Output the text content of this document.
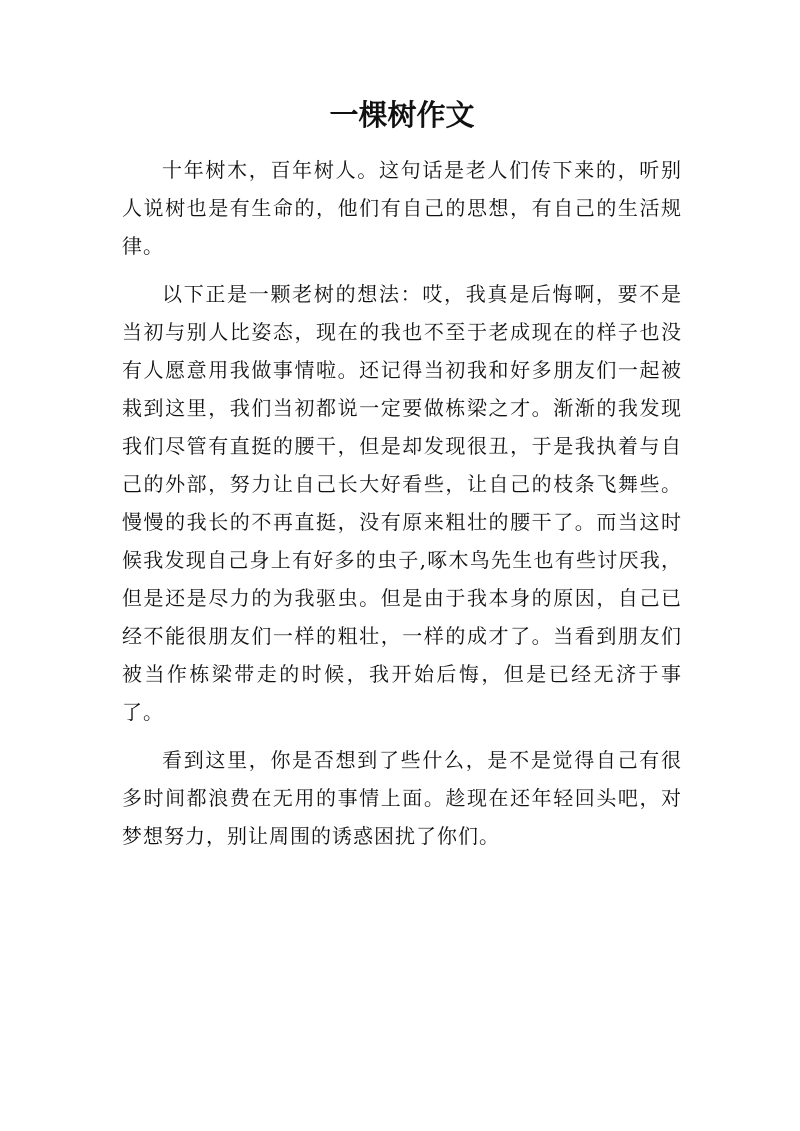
一棵树作文

十年树木，百年树人。这句话是老人们传下来的，听别人说树也是有生命的，他们有自己的思想，有自己的生活规律。

以下正是一颗老树的想法：哎，我真是后悔啊，要不是当初与别人比姿态，现在的我也不至于老成现在的样子也没有人愿意用我做事情啦。还记得当初我和好多朋友们一起被栽到这里，我们当初都说一定要做栋梁之才。渐渐的我发现我们尽管有直挺的腰干，但是却发现很丑，于是我执着与自己的外部，努力让自己长大好看些，让自己的枝条飞舞些。慢慢的我长的不再直挺，没有原来粗壮的腰干了。而当这时候我发现自己身上有好多的虫子,啄木鸟先生也有些讨厌我，但是还是尽力的为我驱虫。但是由于我本身的原因，自己已经不能很朋友们一样的粗壮，一样的成才了。当看到朋友们被当作栋梁带走的时候，我开始后悔，但是已经无济于事了。

看到这里，你是否想到了些什么，是不是觉得自己有很多时间都浪费在无用的事情上面。趁现在还年轻回头吧，对梦想努力，别让周围的诱惑困扰了你们。
